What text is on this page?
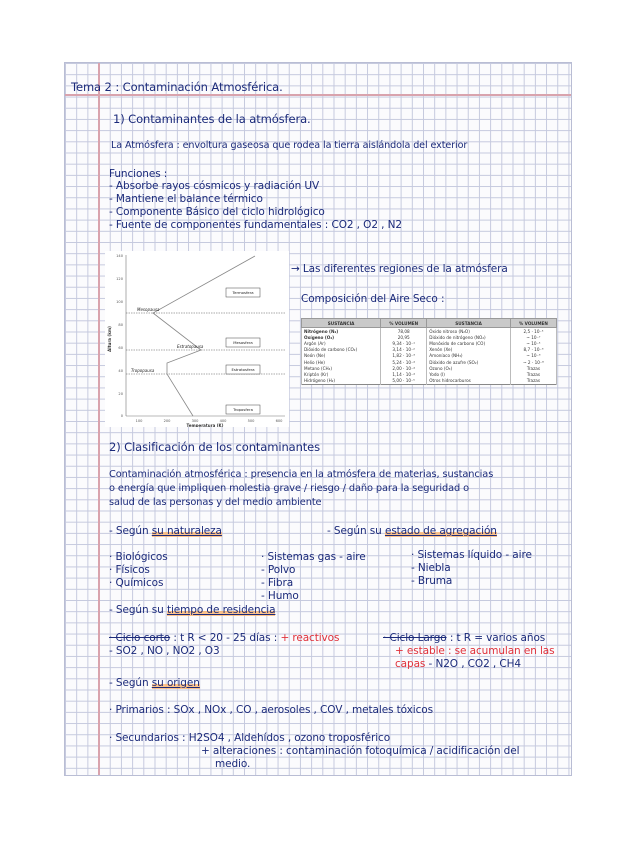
Tema 2 : Contaminación Atmosférica.
1) Contaminantes de la atmósfera.
La Atmósfera : envoltura gaseosa que rodea la tierra aislándola del exterior
Funciones :
- Absorbe rayos cósmicos y radiación UV
- Mantiene el balance térmico
- Componente Básico del ciclo hidrológico
- Fuente de componentes fundamentales : CO2 , O2 , N2
Altura (km)
140
120
100
80
60
40
20
0
100	200	300	400	500	600
Temperatura (K)
Termosfera
Mesosfera
Estratosfera
Troposfera
Mesopausa
Estratopausa
Tropopausa
→ Las diferentes regiones de la atmósfera
Composición del Aire Seco :
SUSTANCIA	% VOLUMEN	SUSTANCIA	% VOLUMEN
Nitrógeno (N₂)	78,08	Óxido nitroso (N₂O)	2,5 · 10⁻⁵
Oxígeno (O₂)	20,95	Dióxido de nitrógeno (NO₂)	~ 10⁻⁷
Argón (Ar)	9,34 · 10⁻¹	Monóxido de carbono (CO)	~ 10⁻⁵
Dióxido de carbono (CO₂)	3,14 · 10⁻²	Xenón (Xe)	8,7 · 10⁻⁶
Neón (Ne)	1,82 · 10⁻³	Amoníaco (NH₃)	~ 10⁻⁶
Helio (He)	5,24 · 10⁻⁴	Dióxido de azufre (SO₂)	~ 2 · 10⁻⁸
Metano (CH₄)	2,00 · 10⁻⁴	Ozono (O₃)	Trazas
Kriptón (Kr)	1,14 · 10⁻⁴	Yodo (I)	Trazas
Hidrógeno (H₂)	5,00 · 10⁻⁵	Otros hidrocarburos	Trazas
2) Clasificación de los contaminantes
Contaminación atmosférica : presencia en la atmósfera de materias, sustancias
o energía que impliquen molestia grave / riesgo / daño para la seguridad o
salud de las personas y del medio ambiente
- Según su naturaleza	- Según su estado de agregación
· Biológicos
· Físicos
· Químicos
· Sistemas gas - aire
- Polvo
- Fibra
- Humo
· Sistemas líquido - aire
- Niebla
- Bruma
- Según su tiempo de residencia
· Ciclo corto : t R < 20 - 25 días : + reactivos
- SO2 , NO , NO2 , O3
· Ciclo Largo : t R = varios años
+ estable : se acumulan en las
capas - N2O , CO2 , CH4
- Según su origen
· Primarios : SOx , NOx , CO , aerosoles , COV , metales tóxicos
· Secundarios : H2SO4 , Aldehídos , ozono troposférico
+ alteraciones : contaminación fotoquímica / acidificación del
medio.
